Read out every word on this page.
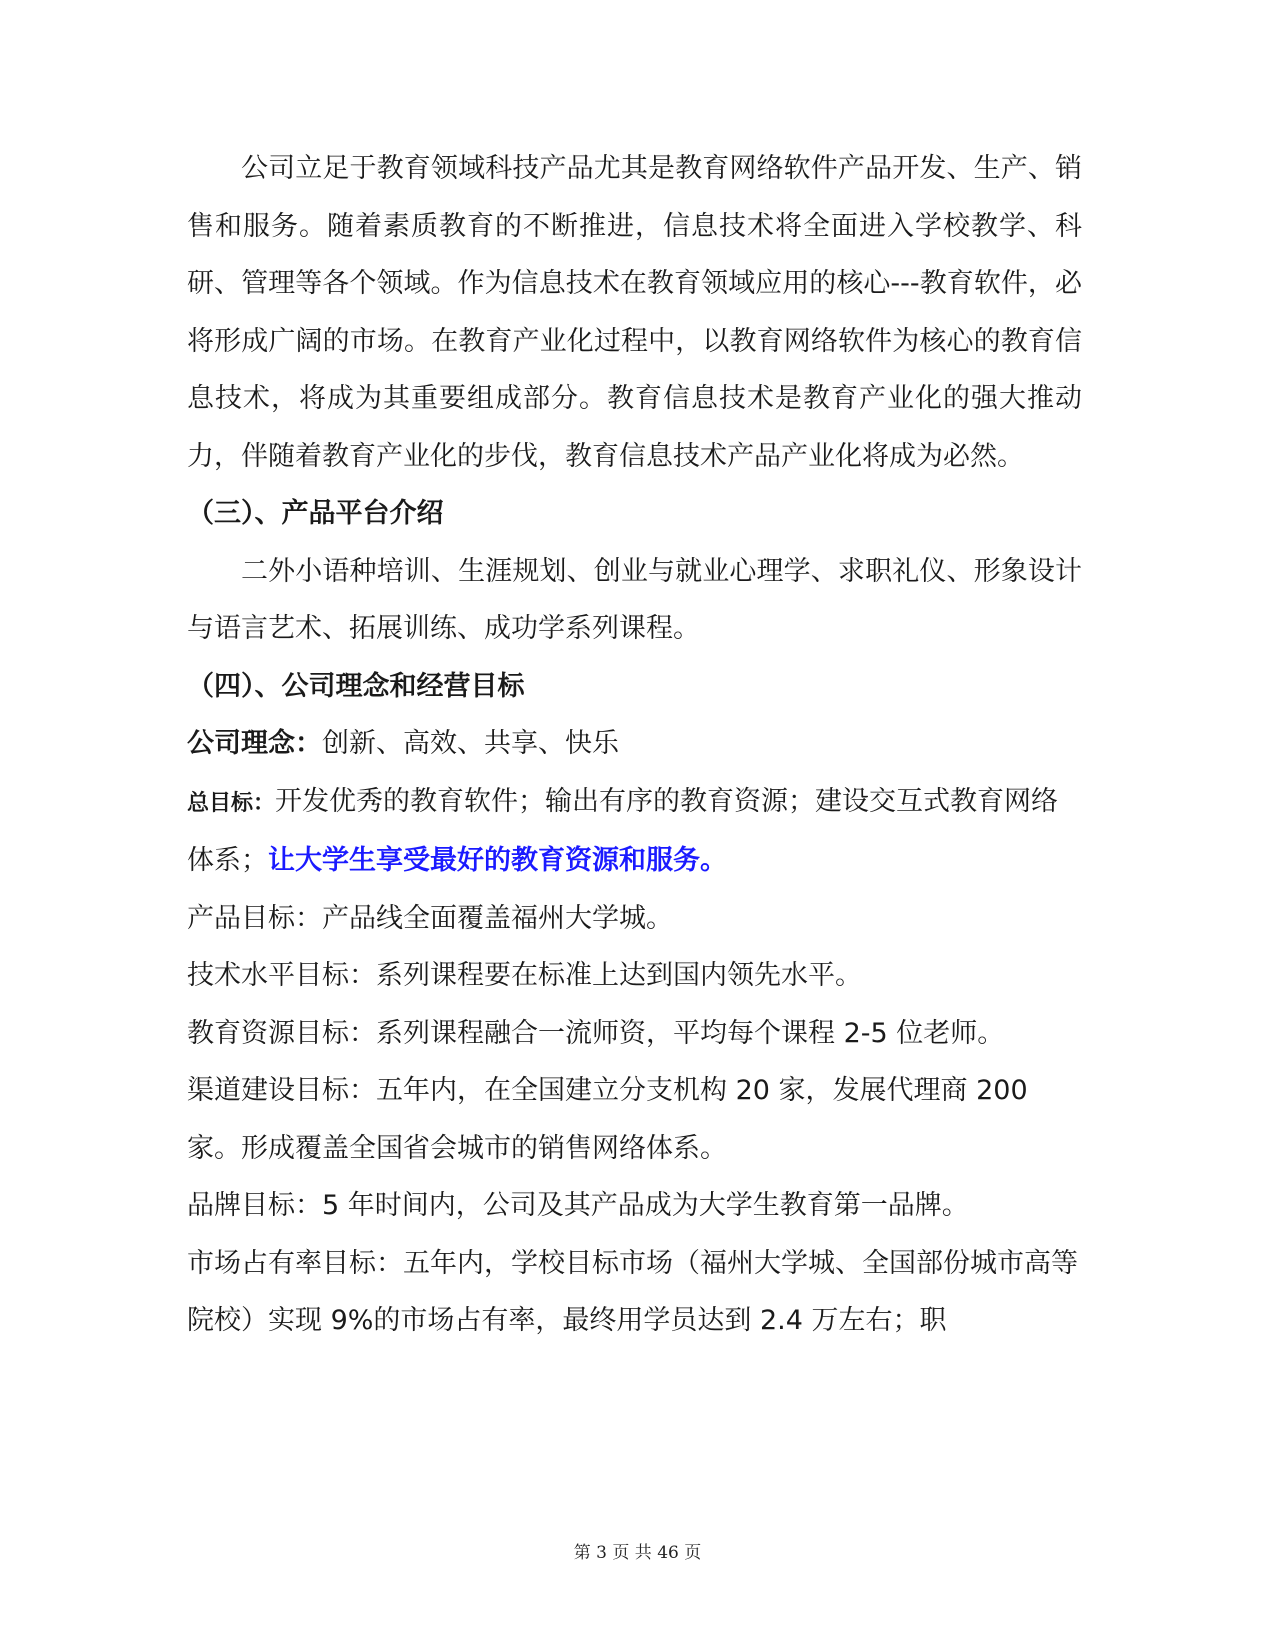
公司立足于教育领域科技产品尤其是教育网络软件产品开发、生产、销售和服务。随着素质教育的不断推进，信息技术将全面进入学校教学、科研、管理等各个领域。作为信息技术在教育领域应用的核心---教育软件，必将形成广阔的市场。在教育产业化过程中，以教育网络软件为核心的教育信息技术，将成为其重要组成部分。教育信息技术是教育产业化的强大推动力，伴随着教育产业化的步伐，教育信息技术产品产业化将成为必然。

（三）、产品平台介绍

二外小语种培训、生涯规划、创业与就业心理学、求职礼仪、形象设计与语言艺术、拓展训练、成功学系列课程。

（四）、公司理念和经营目标

公司理念：创新、高效、共享、快乐

总目标：开发优秀的教育软件；输出有序的教育资源；建设交互式教育网络体系；让大学生享受最好的教育资源和服务。

产品目标：产品线全面覆盖福州大学城。

技术水平目标：系列课程要在标准上达到国内领先水平。

教育资源目标：系列课程融合一流师资，平均每个课程 2-5 位老师。

渠道建设目标：五年内，在全国建立分支机构 20 家，发展代理商 200 家。形成覆盖全国省会城市的销售网络体系。

品牌目标：5 年时间内，公司及其产品成为大学生教育第一品牌。

市场占有率目标：五年内，学校目标市场（福州大学城、全国部份城市高等院校）实现 9%的市场占有率，最终用学员达到 2.4 万左右；职

第 3 页 共 46 页
